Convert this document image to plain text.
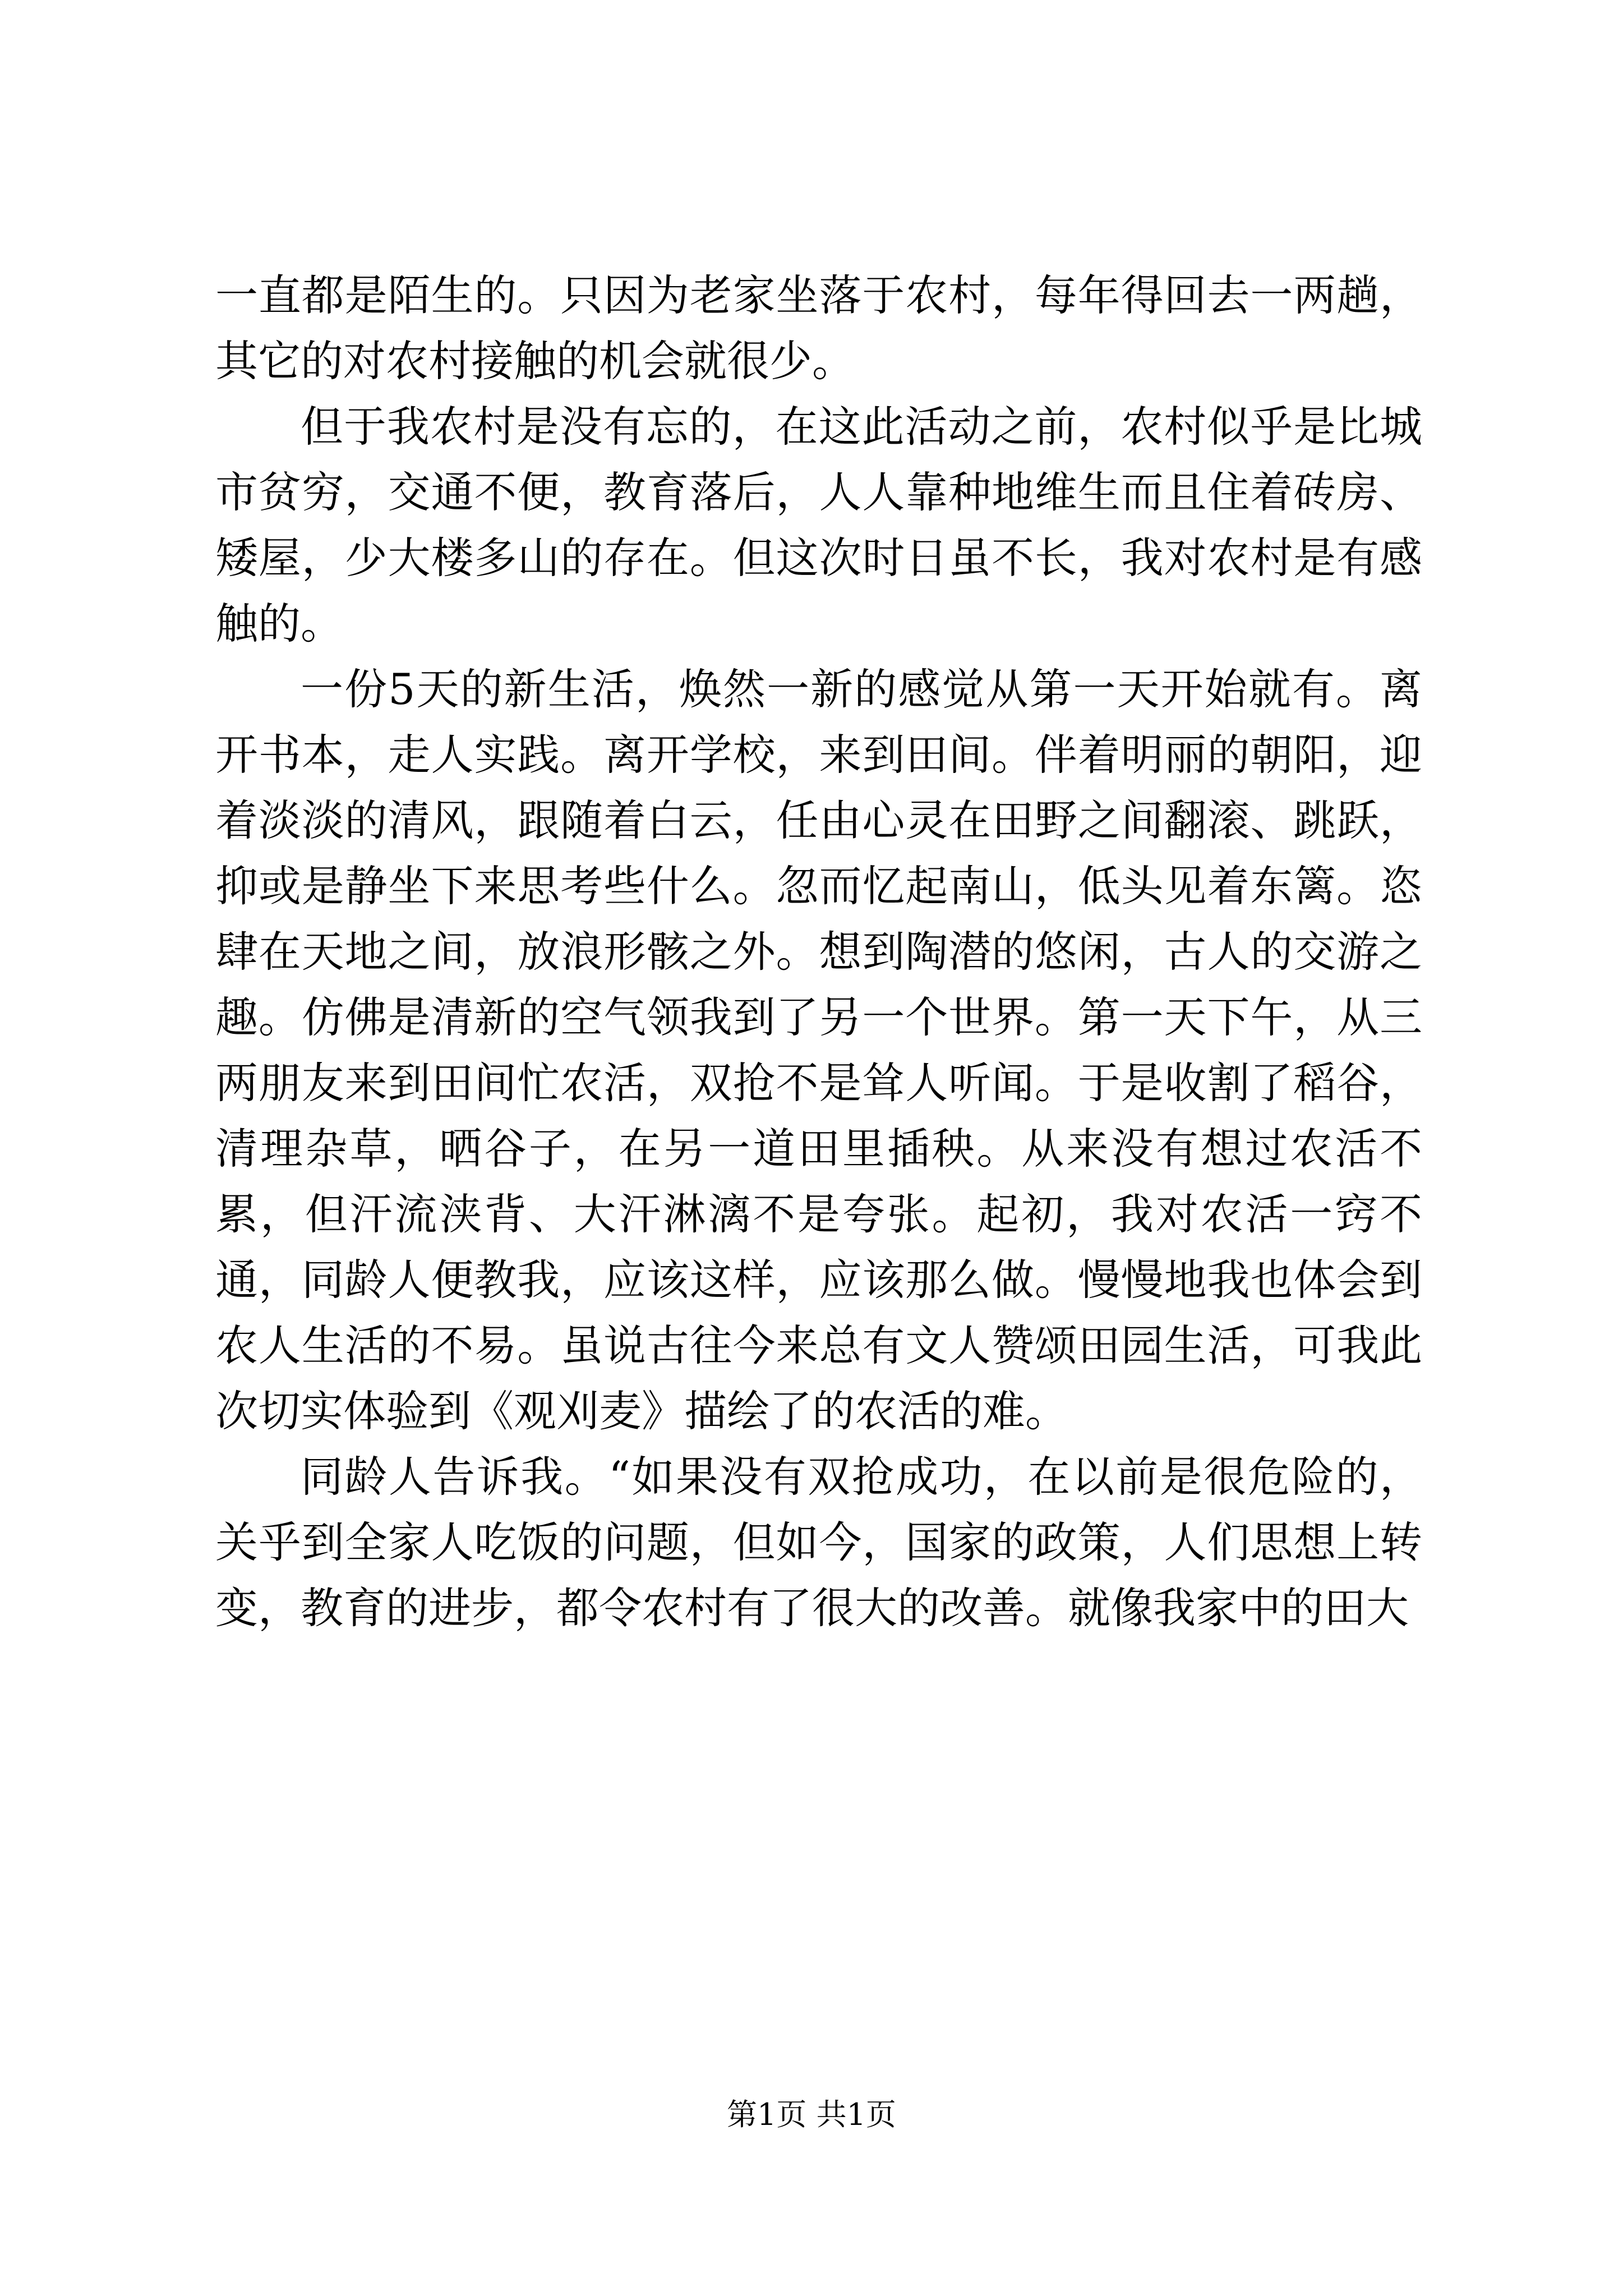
一直都是陌生的。只因为老家坐落于农村，每年得回去一两趟，其它的对农村接触的机会就很少。

但于我农村是没有忘的，在这此活动之前，农村似乎是比城市贫穷，交通不便，教育落后，人人靠种地维生而且住着砖房、矮屋，少大楼多山的存在。但这次时日虽不长，我对农村是有感触的。

一份5天的新生活，焕然一新的感觉从第一天开始就有。离开书本，走人实践。离开学校，来到田间。伴着明丽的朝阳，迎着淡淡的清风，跟随着白云，任由心灵在田野之间翻滚、跳跃，抑或是静坐下来思考些什么。忽而忆起南山，低头见着东篱。恣肆在天地之间，放浪形骸之外。想到陶潜的悠闲，古人的交游之趣。仿佛是清新的空气领我到了另一个世界。第一天下午，从三两朋友来到田间忙农活，双抢不是耸人听闻。于是收割了稻谷，清理杂草，晒谷子，在另一道田里插秧。从来没有想过农活不累，但汗流浃背、大汗淋漓不是夸张。起初，我对农活一窍不通，同龄人便教我，应该这样，应该那么做。慢慢地我也体会到农人生活的不易。虽说古往今来总有文人赞颂田园生活，可我此次切实体验到《观刈麦》描绘了的农活的难。

同龄人告诉我。“如果没有双抢成功，在以前是很危险的，关乎到全家人吃饭的问题，但如今，国家的政策，人们思想上转变，教育的进步，都令农村有了很大的改善。就像我家中的田大

第1页 共1页
